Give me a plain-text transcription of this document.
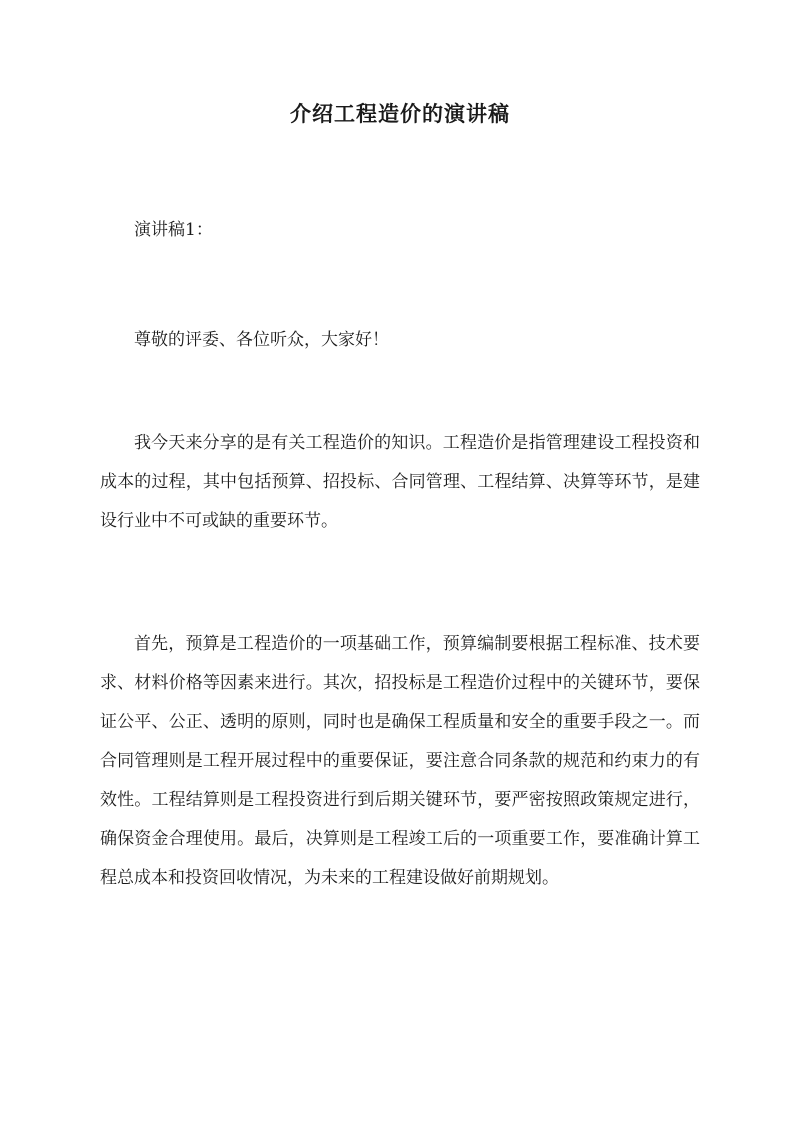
介绍工程造价的演讲稿

演讲稿1：

尊敬的评委、各位听众，大家好！

我今天来分享的是有关工程造价的知识。工程造价是指管理建设工程投资和成本的过程，其中包括预算、招投标、合同管理、工程结算、决算等环节，是建设行业中不可或缺的重要环节。

首先，预算是工程造价的一项基础工作，预算编制要根据工程标准、技术要求、材料价格等因素来进行。其次，招投标是工程造价过程中的关键环节，要保证公平、公正、透明的原则，同时也是确保工程质量和安全的重要手段之一。而合同管理则是工程开展过程中的重要保证，要注意合同条款的规范和约束力的有效性。工程结算则是工程投资进行到后期关键环节，要严密按照政策规定进行，确保资金合理使用。最后，决算则是工程竣工后的一项重要工作，要准确计算工程总成本和投资回收情况，为未来的工程建设做好前期规划。
